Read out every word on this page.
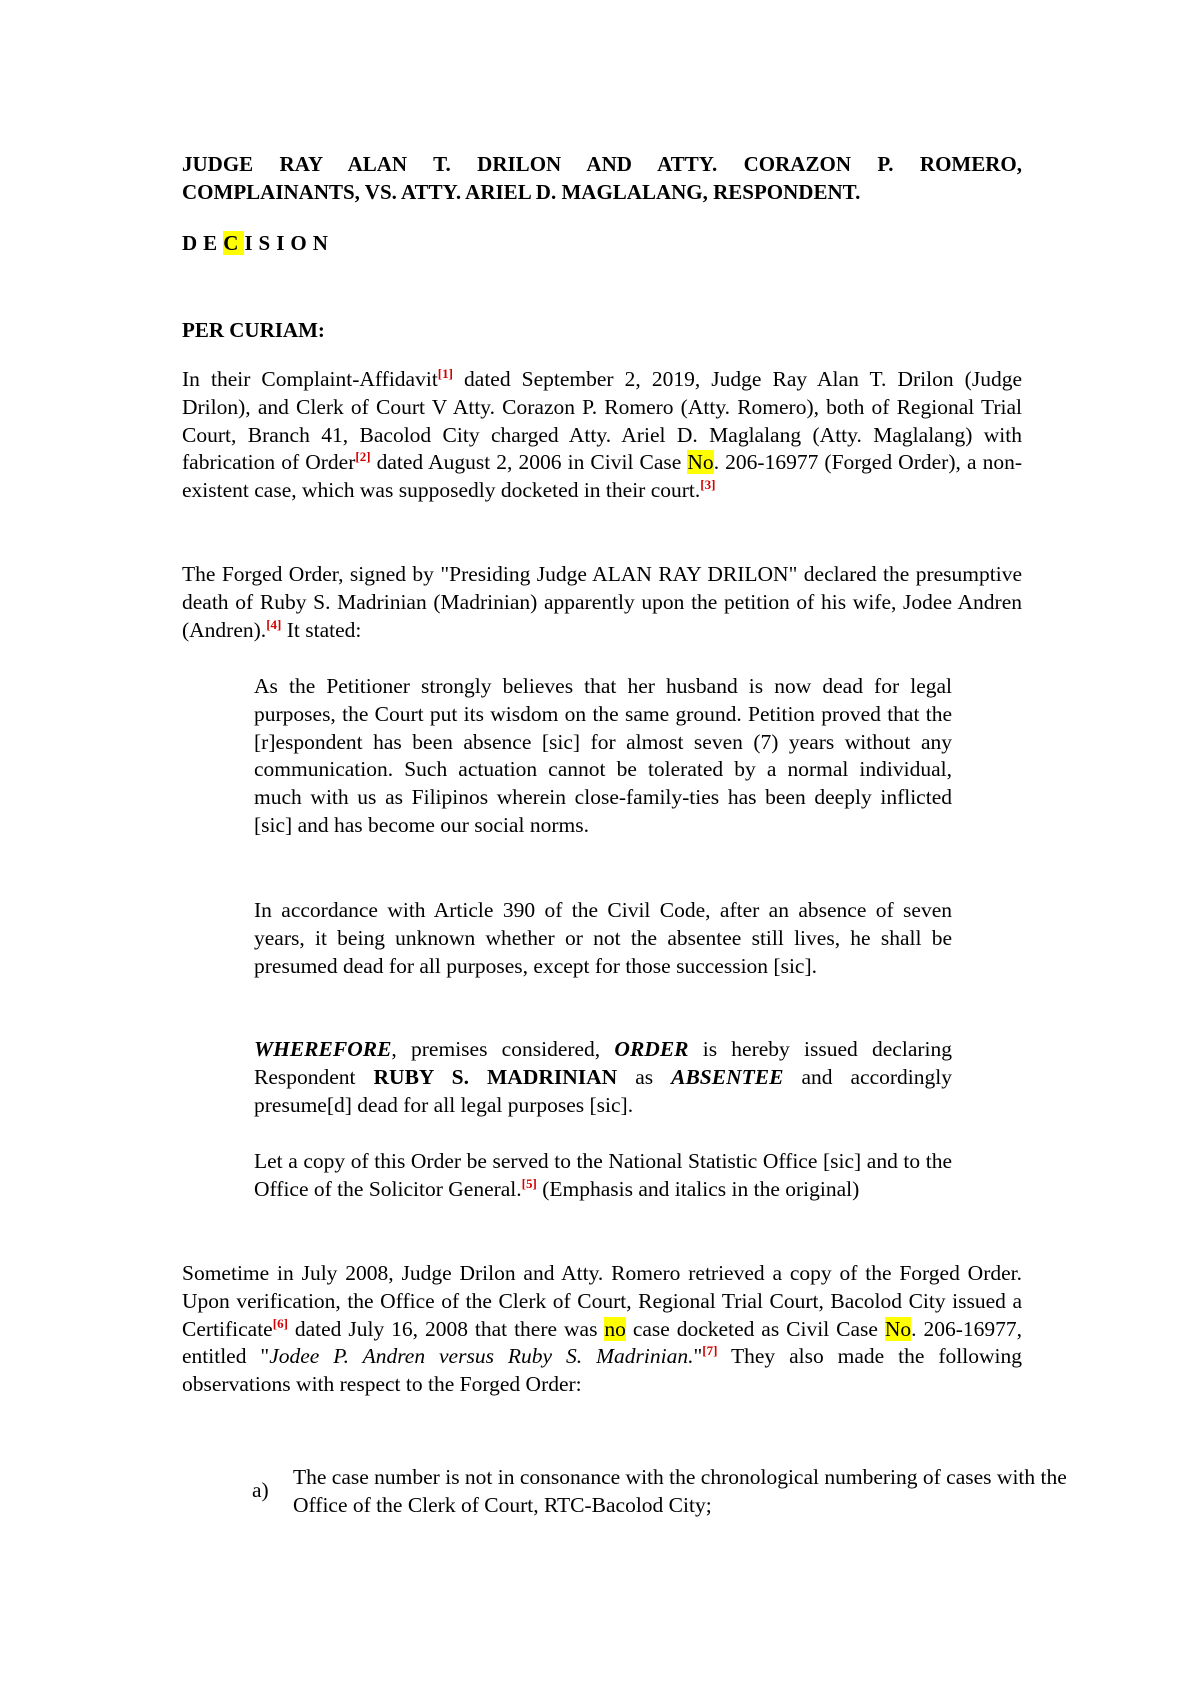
JUDGE RAY ALAN T. DRILON AND ATTY. CORAZON P. ROMERO,
COMPLAINANTS, VS. ATTY. ARIEL D. MAGLALANG, RESPONDENT.
DECISION
PER CURIAM:
In their Complaint-Affidavit[1] dated September 2, 2019, Judge Ray Alan T. Drilon (Judge Drilon), and Clerk of Court V Atty. Corazon P. Romero (Atty. Romero), both of Regional Trial Court, Branch 41, Bacolod City charged Atty. Ariel D. Maglalang (Atty. Maglalang) with fabrication of Order[2] dated August 2, 2006 in Civil Case No. 206-16977 (Forged Order), a non-existent case, which was supposedly docketed in their court.[3]
The Forged Order, signed by "Presiding Judge ALAN RAY DRILON" declared the presumptive death of Ruby S. Madrinian (Madrinian) apparently upon the petition of his wife, Jodee Andren (Andren).[4] It stated:
As the Petitioner strongly believes that her husband is now dead for legal purposes, the Court put its wisdom on the same ground. Petition proved that the [r]espondent has been absence [sic] for almost seven (7) years without any communication. Such actuation cannot be tolerated by a normal individual, much with us as Filipinos wherein close-family-ties has been deeply inflicted [sic] and has become our social norms.
In accordance with Article 390 of the Civil Code, after an absence of seven years, it being unknown whether or not the absentee still lives, he shall be presumed dead for all purposes, except for those succession [sic].
WHEREFORE, premises considered, ORDER is hereby issued declaring Respondent RUBY S. MADRINIAN as ABSENTEE and accordingly presume[d] dead for all legal purposes [sic].
Let a copy of this Order be served to the National Statistic Office [sic] and to the Office of the Solicitor General.[5] (Emphasis and italics in the original)
Sometime in July 2008, Judge Drilon and Atty. Romero retrieved a copy of the Forged Order. Upon verification, the Office of the Clerk of Court, Regional Trial Court, Bacolod City issued a Certificate[6] dated July 16, 2008 that there was no case docketed as Civil Case No. 206-16977, entitled "Jodee P. Andren versus Ruby S. Madrinian."[7] They also made the following observations with respect to the Forged Order:
a)
The case number is not in consonance with the chronological numbering of cases with the Office of the Clerk of Court, RTC-Bacolod City;
